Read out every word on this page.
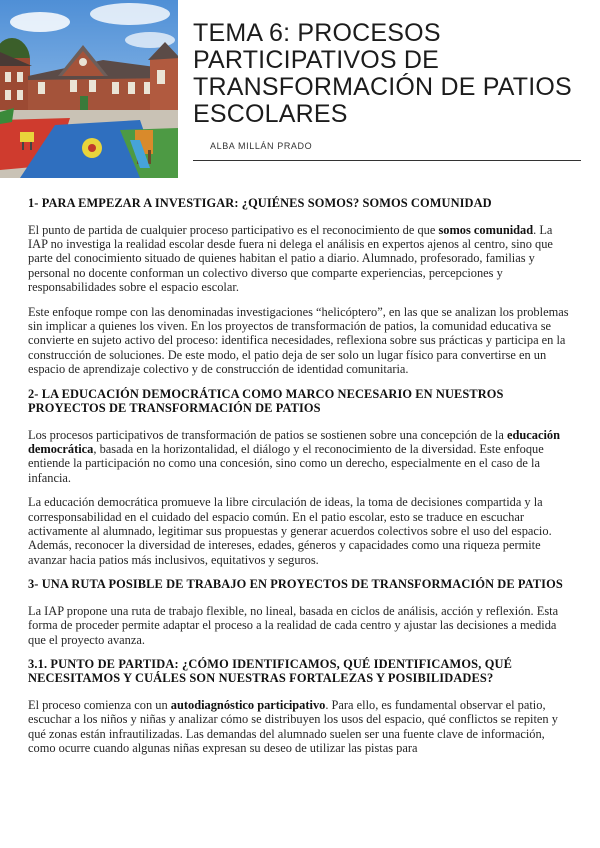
TEMA 6: PROCESOS PARTICIPATIVOS DE TRANSFORMACIÓN DE PATIOS ESCOLARES
ALBA MILLÁN PRADO
1- PARA EMPEZAR A INVESTIGAR: ¿QUIÉNES SOMOS? SOMOS COMUNIDAD

El punto de partida de cualquier proceso participativo es el reconocimiento de que somos comunidad. La IAP no investiga la realidad escolar desde fuera ni delega el análisis en expertos ajenos al centro, sino que parte del conocimiento situado de quienes habitan el patio a diario. Alumnado, profesorado, familias y personal no docente conforman un colectivo diverso que comparte experiencias, percepciones y responsabilidades sobre el espacio escolar.

Este enfoque rompe con las denominadas investigaciones “helicóptero”, en las que se analizan los problemas sin implicar a quienes los viven. En los proyectos de transformación de patios, la comunidad educativa se convierte en sujeto activo del proceso: identifica necesidades, reflexiona sobre sus prácticas y participa en la construcción de soluciones. De este modo, el patio deja de ser solo un lugar físico para convertirse en un espacio de aprendizaje colectivo y de construcción de identidad comunitaria.

2- LA EDUCACIÓN DEMOCRÁTICA COMO MARCO NECESARIO EN NUESTROS PROYECTOS DE TRANSFORMACIÓN DE PATIOS

Los procesos participativos de transformación de patios se sostienen sobre una concepción de la educación democrática, basada en la horizontalidad, el diálogo y el reconocimiento de la diversidad. Este enfoque entiende la participación no como una concesión, sino como un derecho, especialmente en el caso de la infancia.

La educación democrática promueve la libre circulación de ideas, la toma de decisiones compartida y la corresponsabilidad en el cuidado del espacio común. En el patio escolar, esto se traduce en escuchar activamente al alumnado, legitimar sus propuestas y generar acuerdos colectivos sobre el uso del espacio. Además, reconocer la diversidad de intereses, edades, géneros y capacidades como una riqueza permite avanzar hacia patios más inclusivos, equitativos y seguros.

3- UNA RUTA POSIBLE DE TRABAJO EN PROYECTOS DE TRANSFORMACIÓN DE PATIOS

La IAP propone una ruta de trabajo flexible, no lineal, basada en ciclos de análisis, acción y reflexión. Esta forma de proceder permite adaptar el proceso a la realidad de cada centro y ajustar las decisiones a medida que el proyecto avanza.

3.1. PUNTO DE PARTIDA: ¿CÓMO IDENTIFICAMOS, QUÉ IDENTIFICAMOS, QUÉ NECESITAMOS Y CUÁLES SON NUESTRAS FORTALEZAS Y POSIBILIDADES?

El proceso comienza con un autodiagnóstico participativo. Para ello, es fundamental observar el patio, escuchar a los niños y niñas y analizar cómo se distribuyen los usos del espacio, qué conflictos se repiten y qué zonas están infrautilizadas. Las demandas del alumnado suelen ser una fuente clave de información, como ocurre cuando algunas niñas expresan su deseo de utilizar las pistas para
